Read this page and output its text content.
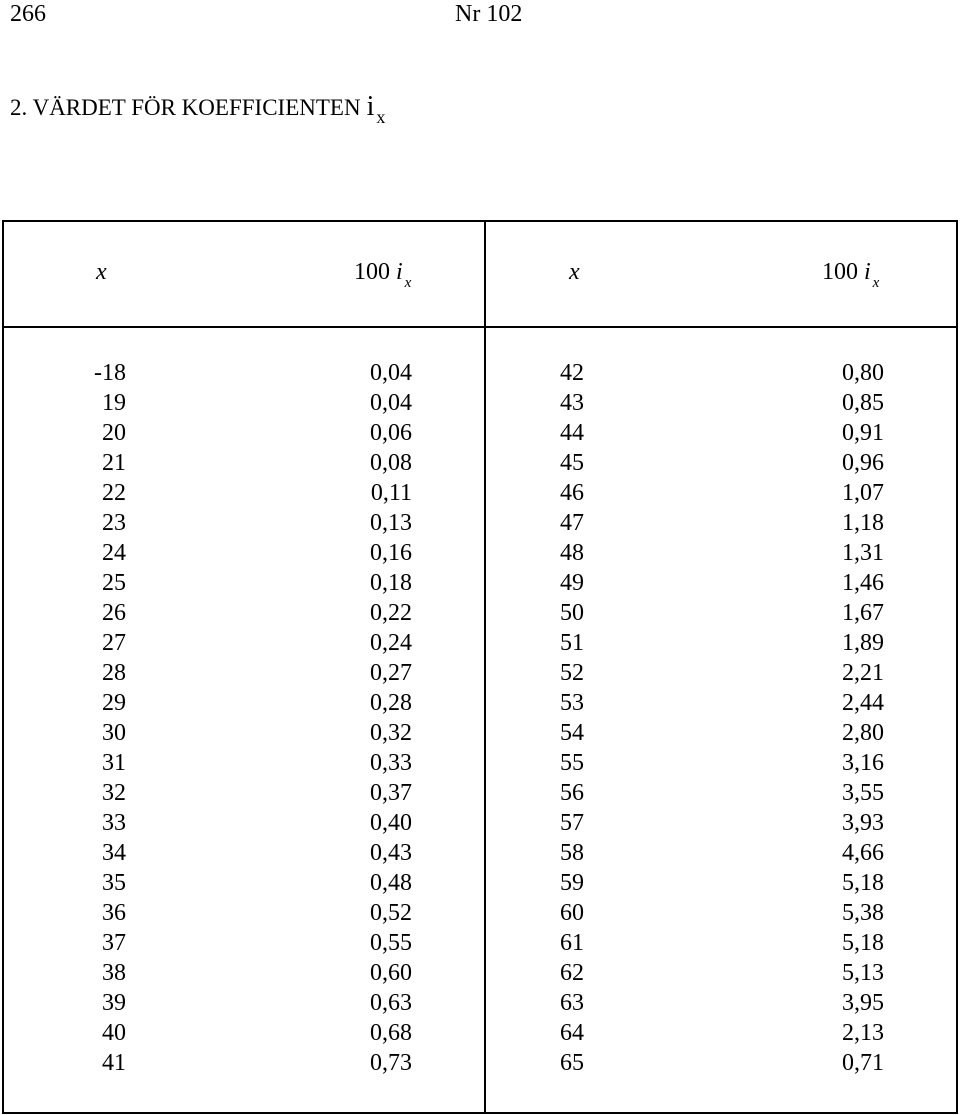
266	Nr 102
2. VÄRDET FÖR KOEFFICIENTEN i $_x$
x	100 i $_x$	x	100 i $_x$
-18	0,04	42	0,80
19	0,04	43	0,85
20	0,06	44	0,91
21	0,08	45	0,96
22	0,11	46	1,07
23	0,13	47	1,18
24	0,16	48	1,31
25	0,18	49	1,46
26	0,22	50	1,67
27	0,24	51	1,89
28	0,27	52	2,21
29	0,28	53	2,44
30	0,32	54	2,80
31	0,33	55	3,16
32	0,37	56	3,55
33	0,40	57	3,93
34	0,43	58	4,66
35	0,48	59	5,18
36	0,52	60	5,38
37	0,55	61	5,18
38	0,60	62	5,13
39	0,63	63	3,95
40	0,68	64	2,13
41	0,73	65	0,71
